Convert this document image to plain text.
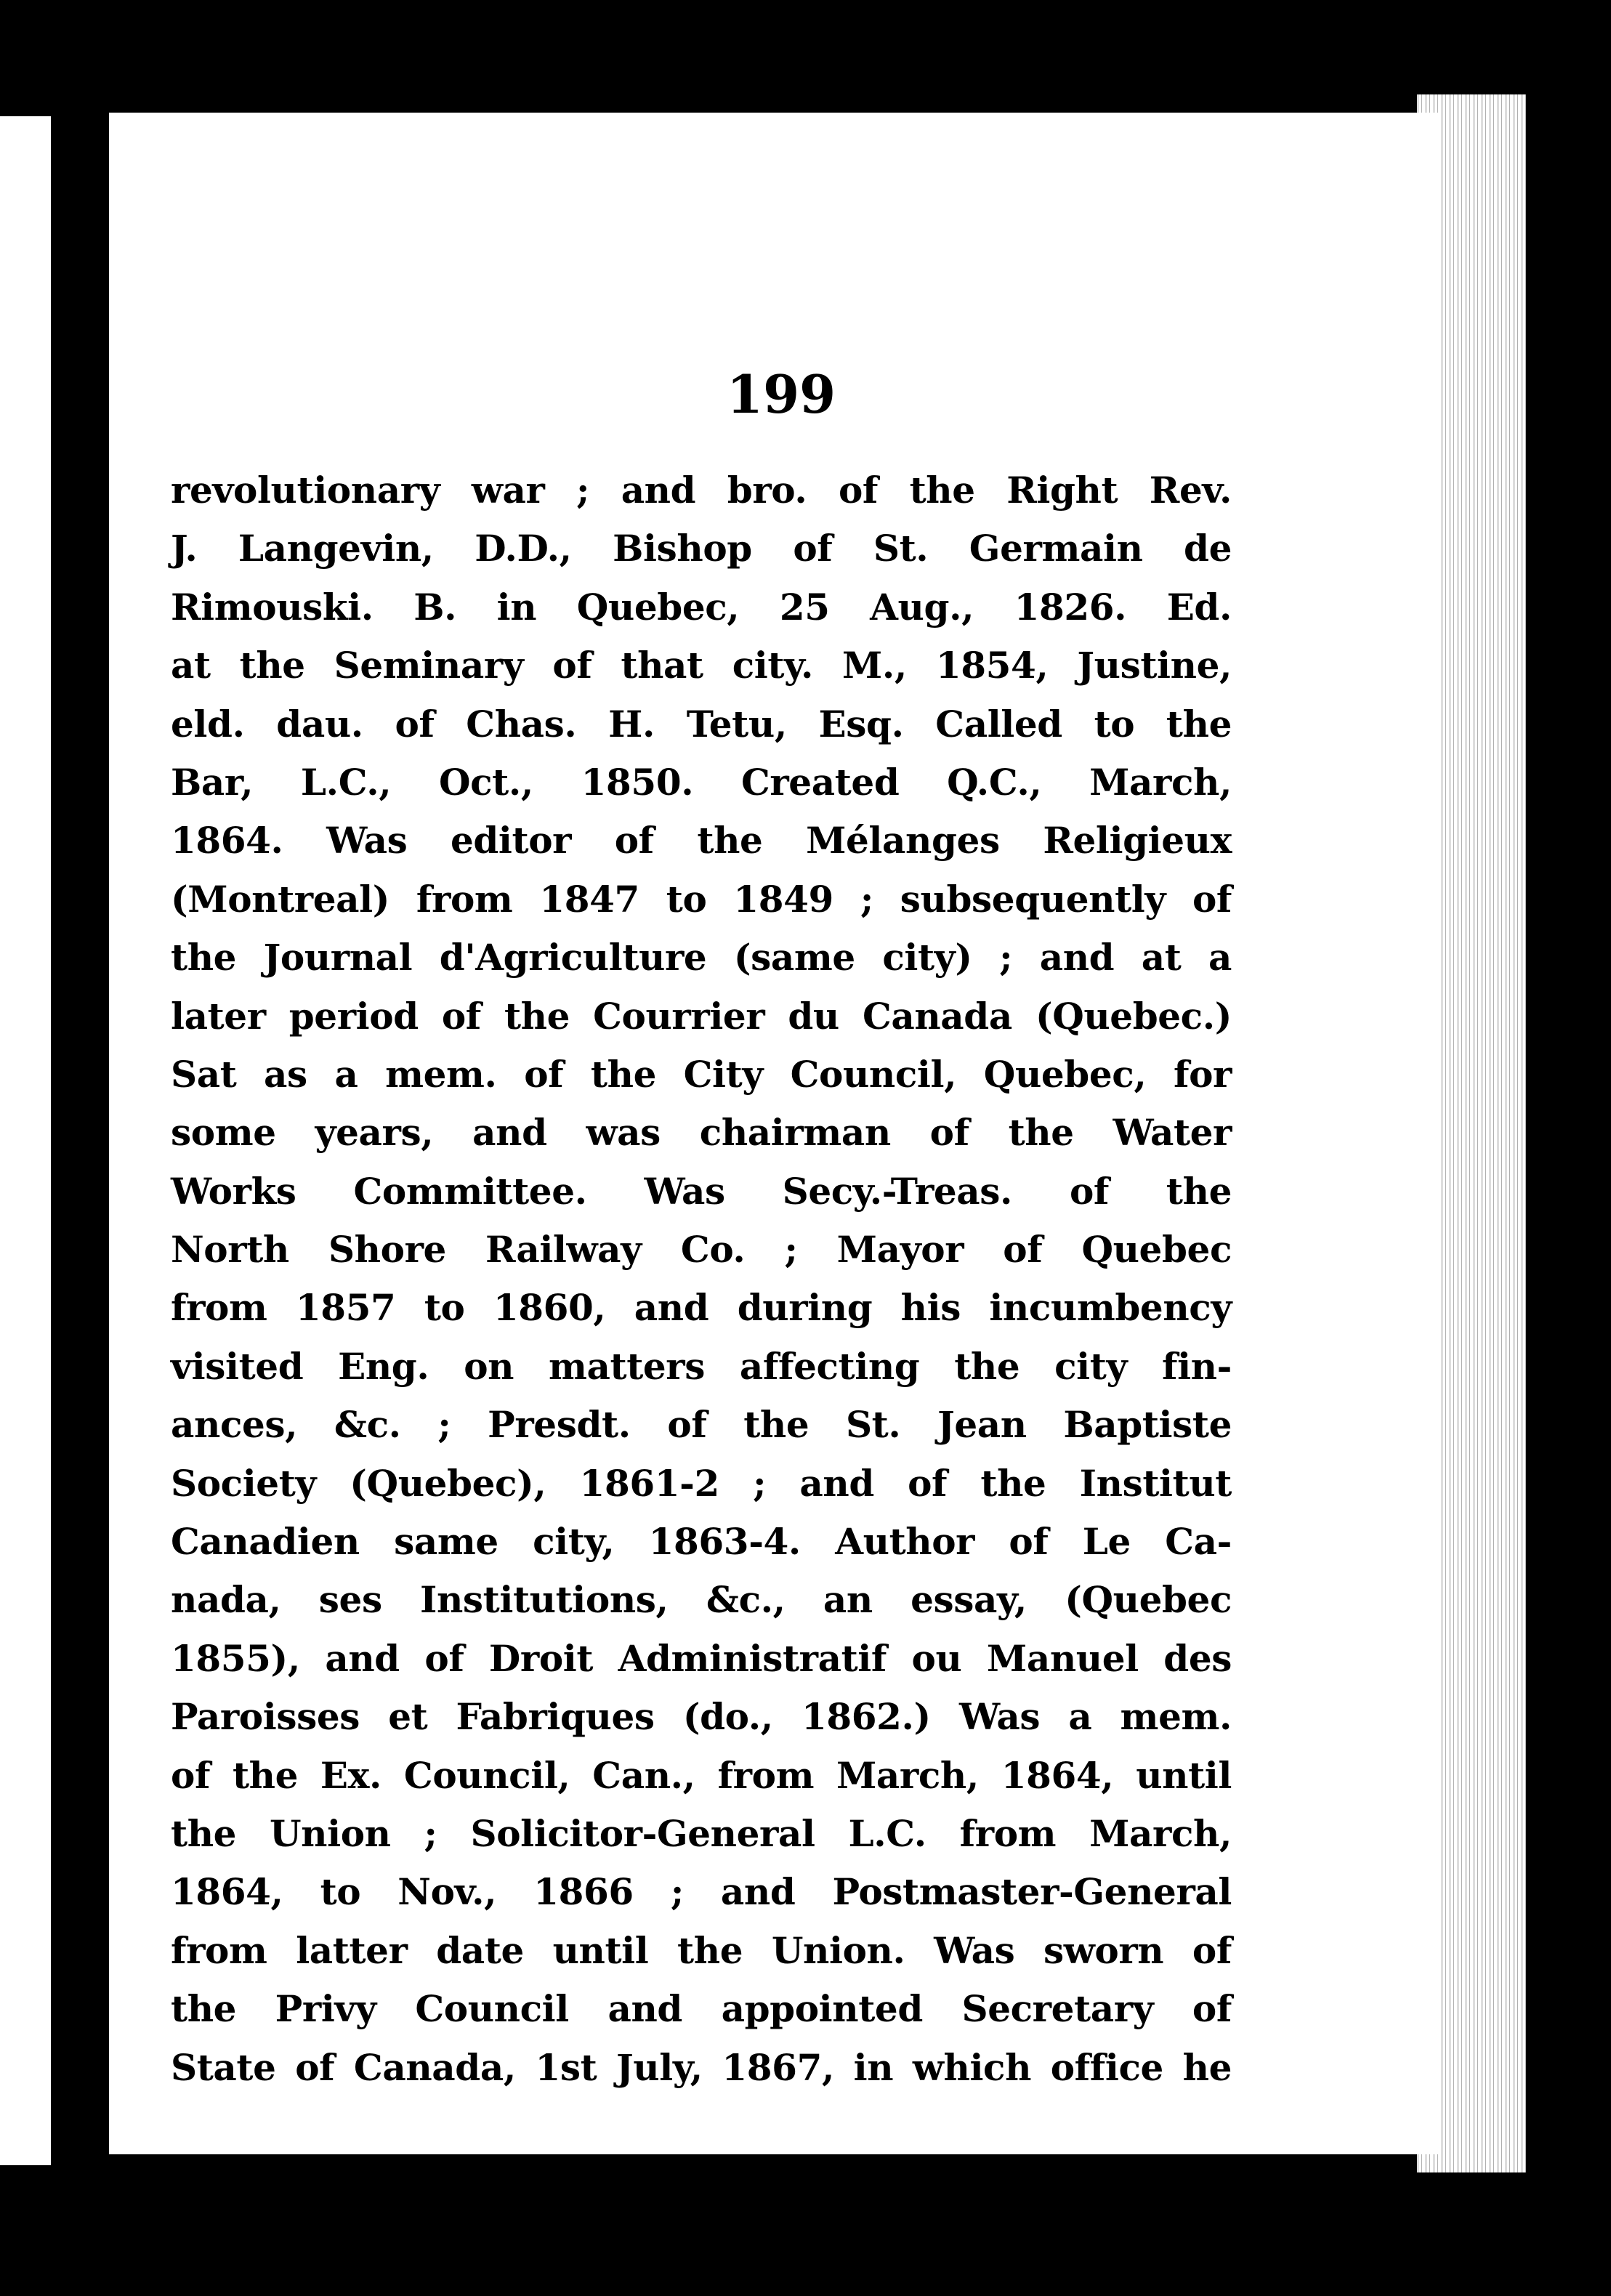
199
revolutionary war ; and bro. of the Right Rev.
J. Langevin, D.D., Bishop of St. Germain de
Rimouski. B. in Quebec, 25 Aug., 1826. Ed.
at the Seminary of that city. M., 1854, Justine,
eld. dau. of Chas. H. Tetu, Esq. Called to the
Bar, L.C., Oct., 1850. Created Q.C., March,
1864. Was editor of the Mélanges Religieux
(Montreal) from 1847 to 1849 ; subsequently of
the Journal d'Agriculture (same city) ; and at a
later period of the Courrier du Canada (Quebec.)
Sat as a mem. of the City Council, Quebec, for
some years, and was chairman of the Water
Works Committee. Was Secy.-Treas. of the
North Shore Railway Co. ; Mayor of Quebec
from 1857 to 1860, and during his incumbency
visited Eng. on matters affecting the city fin-
ances, &c. ; Presdt. of the St. Jean Baptiste
Society (Quebec), 1861-2 ; and of the Institut
Canadien same city, 1863-4. Author of Le Ca-
nada, ses Institutions, &c., an essay, (Quebec
1855), and of Droit Administratif ou Manuel des
Paroisses et Fabriques (do., 1862.) Was a mem.
of the Ex. Council, Can., from March, 1864, until
the Union ; Solicitor-General L.C. from March,
1864, to Nov., 1866 ; and Postmaster-General
from latter date until the Union. Was sworn of
the Privy Council and appointed Secretary of
State of Canada, 1st July, 1867, in which office he
